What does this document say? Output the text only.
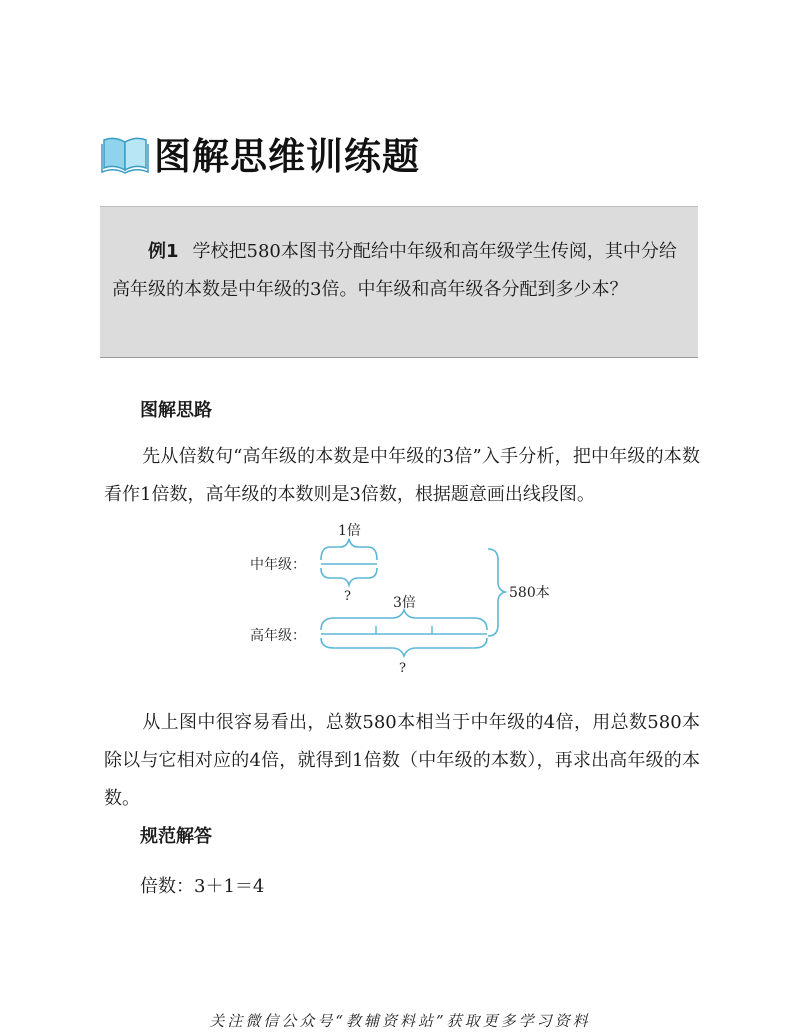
图解思维训练题
例1 学校把580本图书分配给中年级和高年级学生传阅，其中分给高年级的本数是中年级的3倍。中年级和高年级各分配到多少本？
图解思路
先从倍数句“高年级的本数是中年级的3倍”入手分析，把中年级的本数看作1倍数，高年级的本数则是3倍数，根据题意画出线段图。
中年级：
1倍
?
高年级：
3倍
?
580本
从上图中很容易看出，总数580本相当于中年级的4倍，用总数580本除以与它相对应的4倍，就得到1倍数（中年级的本数），再求出高年级的本数。
规范解答
倍数：3＋1＝4
关注微信公众号“教辅资料站”获取更多学习资料
